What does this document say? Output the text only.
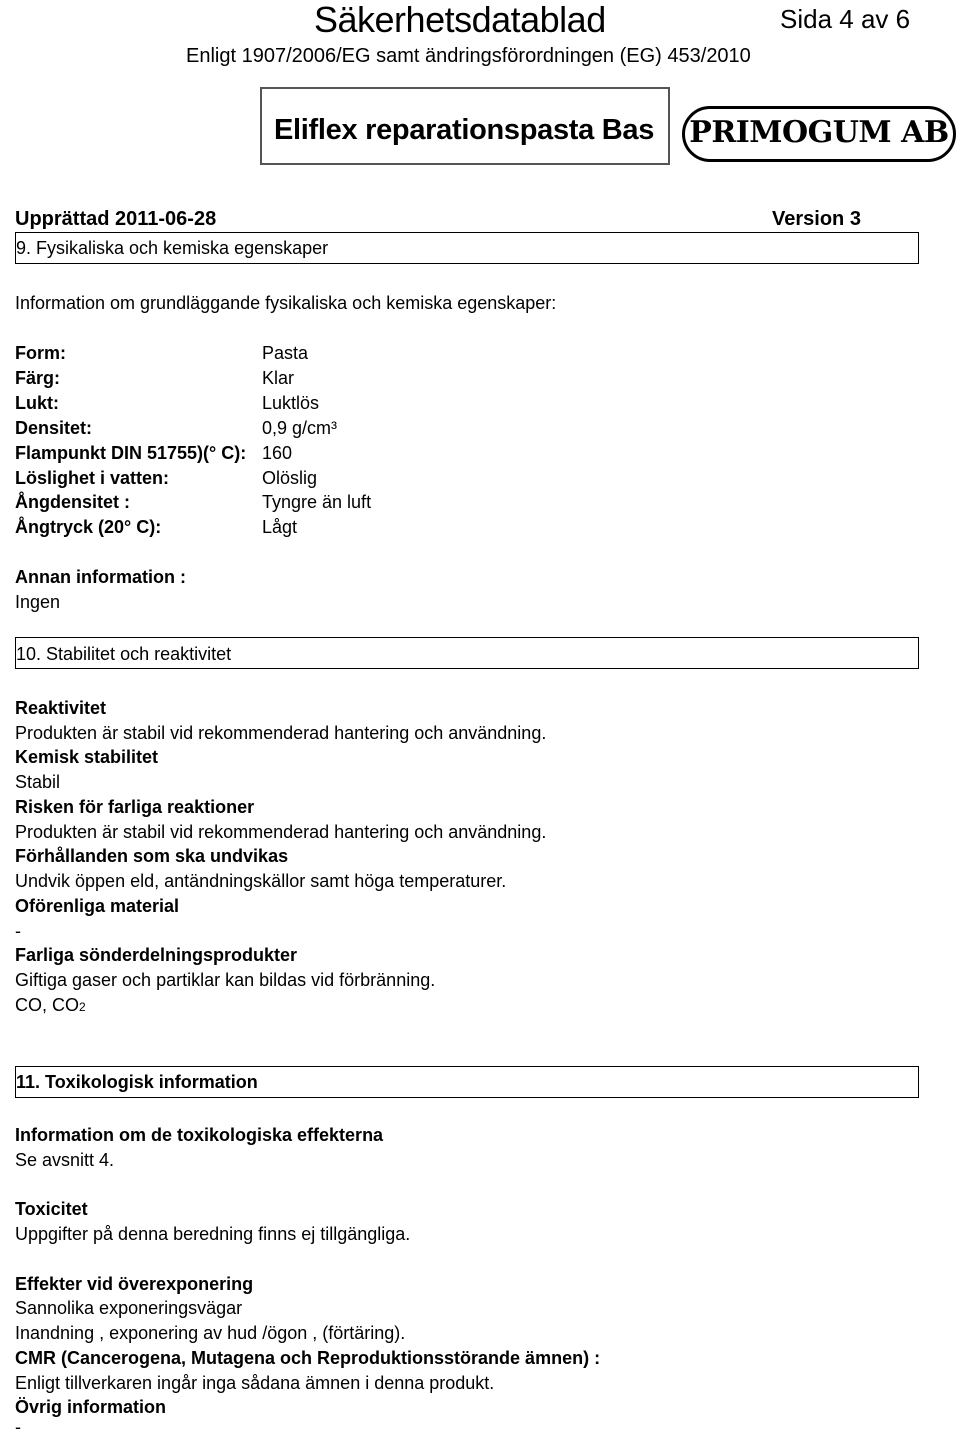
Säkerhetsdatablad	Sida 4 av 6
Enligt 1907/2006/EG samt ändringsförordningen (EG) 453/2010
Eliflex reparationspasta Bas PRIMOGUM AB
Upprättad 2011-06-28	Version 3
9. Fysikaliska och kemiska egenskaper
Information om grundläggande fysikaliska och kemiska egenskaper:
Form:	Pasta
Färg:	Klar
Lukt:	Luktlös
Densitet:	0,9 g/cm³
Flampunkt DIN 51755)(° C): 160
Löslighet i vatten:	Olöslig
Ångdensitet :	Tyngre än luft
Ångtryck (20° C):	Lågt
Annan information :
Ingen
10. Stabilitet och reaktivitet
Reaktivitet
Produkten är stabil vid rekommenderad hantering och användning.
Kemisk stabilitet
Stabil
Risken för farliga reaktioner
Produkten är stabil vid rekommenderad hantering och användning.
Förhållanden som ska undvikas
Undvik öppen eld, antändningskällor samt höga temperaturer.
Oförenliga material
-
Farliga sönderdelningsprodukter
Giftiga gaser och partiklar kan bildas vid förbränning.
CO, CO2
11. Toxikologisk information
Information om de toxikologiska effekterna
Se avsnitt 4.
Toxicitet
Uppgifter på denna beredning finns ej tillgängliga.
Effekter vid överexponering
Sannolika exponeringsvägar
Inandning , exponering av hud /ögon , (förtäring).
CMR (Cancerogena, Mutagena och Reproduktionsstörande ämnen) :
Enligt tillverkaren ingår inga sådana ämnen i denna produkt.
Övrig information
-
